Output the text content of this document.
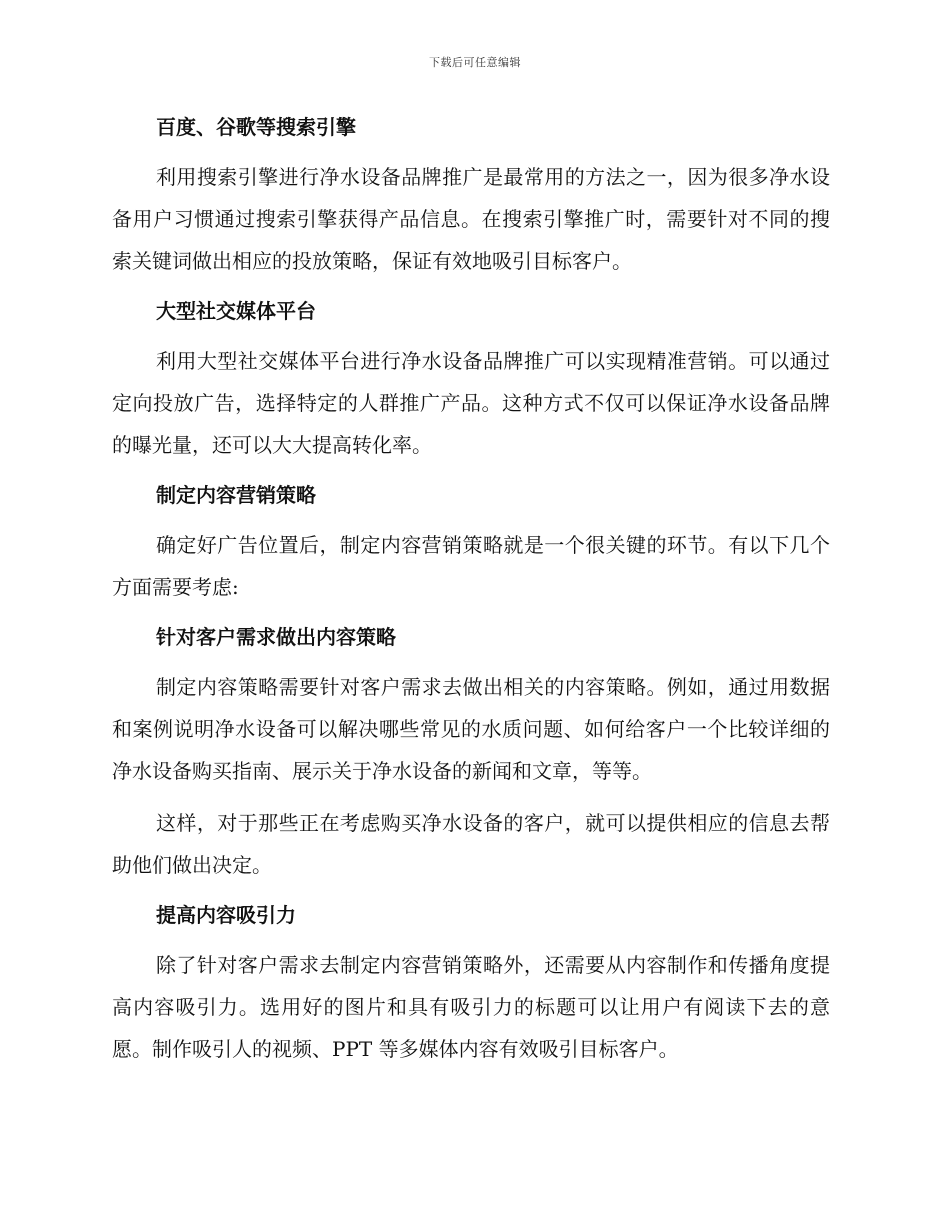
下载后可任意编辑
百度、谷歌等搜索引擎

利用搜索引擎进行净水设备品牌推广是最常用的方法之一，因为很多净水设备用户习惯通过搜索引擎获得产品信息。在搜索引擎推广时，需要针对不同的搜索关键词做出相应的投放策略，保证有效地吸引目标客户。

大型社交媒体平台

利用大型社交媒体平台进行净水设备品牌推广可以实现精准营销。可以通过定向投放广告，选择特定的人群推广产品。这种方式不仅可以保证净水设备品牌的曝光量，还可以大大提高转化率。

制定内容营销策略

确定好广告位置后，制定内容营销策略就是一个很关键的环节。有以下几个方面需要考虑:

针对客户需求做出内容策略

制定内容策略需要针对客户需求去做出相关的内容策略。例如，通过用数据和案例说明净水设备可以解决哪些常见的水质问题、如何给客户一个比较详细的净水设备购买指南、展示关于净水设备的新闻和文章，等等。

这样，对于那些正在考虑购买净水设备的客户，就可以提供相应的信息去帮助他们做出决定。

提高内容吸引力

除了针对客户需求去制定内容营销策略外，还需要从内容制作和传播角度提高内容吸引力。选用好的图片和具有吸引力的标题可以让用户有阅读下去的意愿。制作吸引人的视频、PPT 等多媒体内容有效吸引目标客户。
